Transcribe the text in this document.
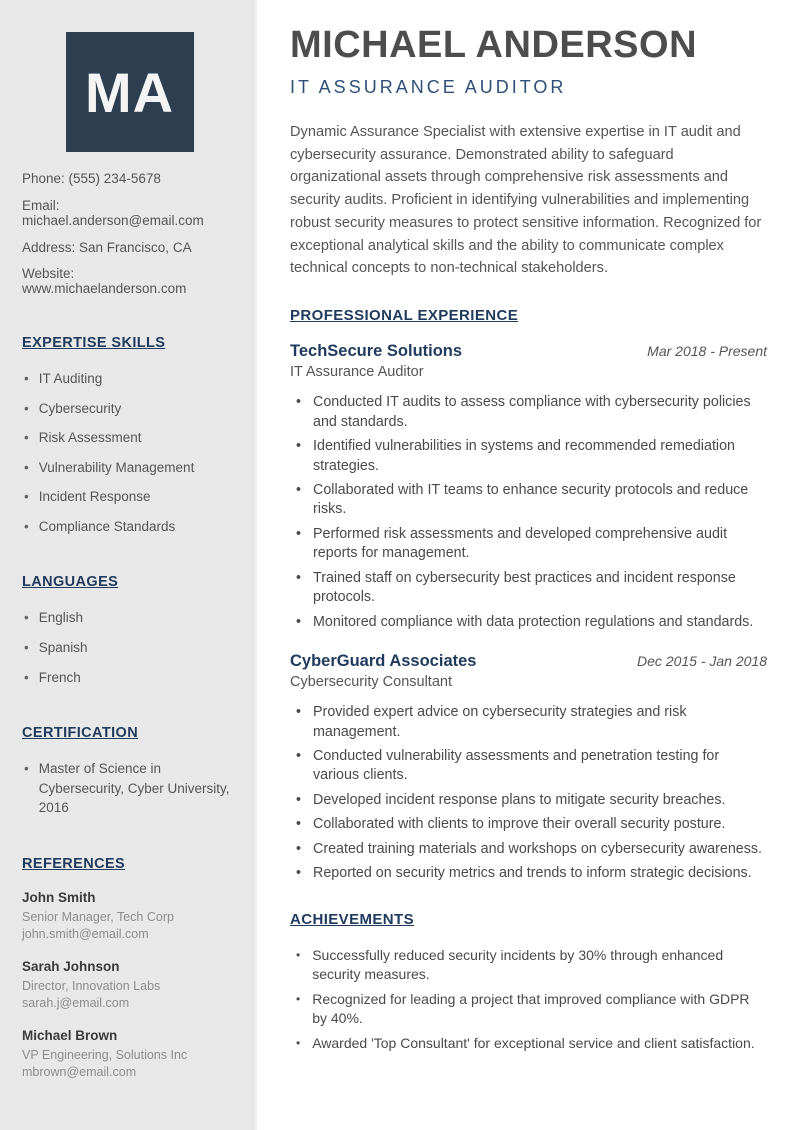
MA
Phone: (555) 234-5678
Email: michael.anderson@email.com
Address: San Francisco, CA
Website: www.michaelanderson.com
EXPERTISE SKILLS
• IT Auditing
• Cybersecurity
• Risk Assessment
• Vulnerability Management
• Incident Response
• Compliance Standards
LANGUAGES
• English
• Spanish
• French
CERTIFICATION
• Master of Science in Cybersecurity, Cyber University, 2016
REFERENCES
John Smith
Senior Manager, Tech Corp
john.smith@email.com
Sarah Johnson
Director, Innovation Labs
sarah.j@email.com
Michael Brown
VP Engineering, Solutions Inc
mbrown@email.com
MICHAEL ANDERSON
IT ASSURANCE AUDITOR

Dynamic Assurance Specialist with extensive expertise in IT audit and cybersecurity assurance. Demonstrated ability to safeguard organizational assets through comprehensive risk assessments and security audits. Proficient in identifying vulnerabilities and implementing robust security measures to protect sensitive information. Recognized for exceptional analytical skills and the ability to communicate complex technical concepts to non-technical stakeholders.

PROFESSIONAL EXPERIENCE
TechSecure Solutions	Mar 2018 - Present
IT Assurance Auditor
• Conducted IT audits to assess compliance with cybersecurity policies and standards.
• Identified vulnerabilities in systems and recommended remediation strategies.
• Collaborated with IT teams to enhance security protocols and reduce risks.
• Performed risk assessments and developed comprehensive audit reports for management.
• Trained staff on cybersecurity best practices and incident response protocols.
• Monitored compliance with data protection regulations and standards.
CyberGuard Associates	Dec 2015 - Jan 2018
Cybersecurity Consultant
• Provided expert advice on cybersecurity strategies and risk management.
• Conducted vulnerability assessments and penetration testing for various clients.
• Developed incident response plans to mitigate security breaches.
• Collaborated with clients to improve their overall security posture.
• Created training materials and workshops on cybersecurity awareness.
• Reported on security metrics and trends to inform strategic decisions.
ACHIEVEMENTS
• Successfully reduced security incidents by 30% through enhanced security measures.
• Recognized for leading a project that improved compliance with GDPR by 40%.
• Awarded 'Top Consultant' for exceptional service and client satisfaction.
